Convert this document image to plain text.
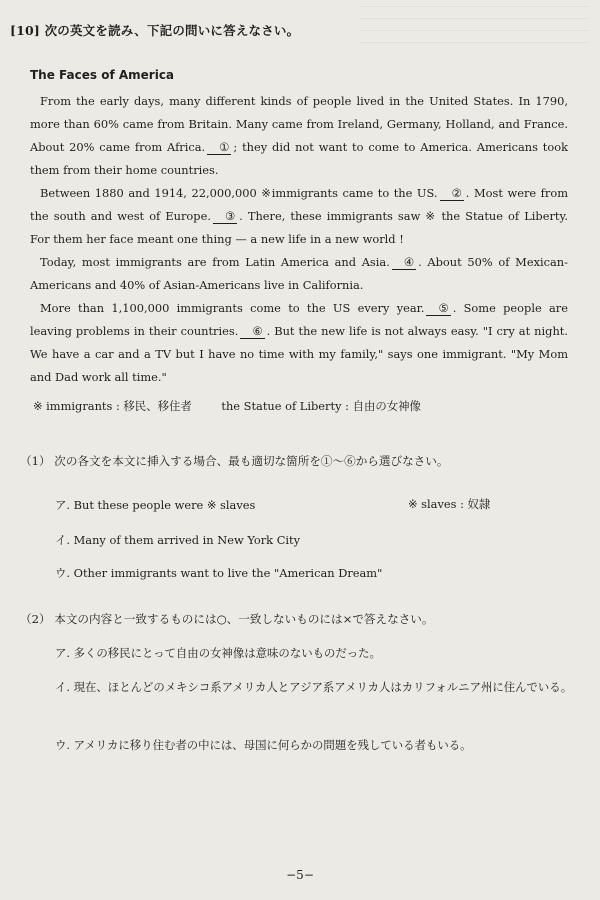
[10] 次の英文を読み、下記の問いに答えなさい。
The Faces of America

From the early days, many different kinds of people lived in the United States. In 1790, more than 60% came from Britain. Many came from Ireland, Germany, Holland, and France. About 20% came from Africa. ① ; they did not want to come to America. Americans took them from their home countries.

Between 1880 and 1914, 22,000,000 ※immigrants came to the US. ② . Most were from the south and west of Europe. ③ . There, these immigrants saw ※ the Statue of Liberty. For them her face meant one thing — a new life in a new world !

Today, most immigrants are from Latin America and Asia. ④ . About 50% of Mexican-Americans and 40% of Asian-Americans live in California.

More than 1,100,000 immigrants come to the US every year. ⑤ . Some people are leaving problems in their countries. ⑥ . But the new life is not always easy. "I cry at night. We have a car and a TV but I have no time with my family," says one immigrant. "My Mom and Dad work all time."

※ immigrants : 移民、移住者	the Statue of Liberty : 自由の女神像
（1） 次の各文を本文に挿入する場合、最も適切な箇所を①～⑥から選びなさい。
ア. But these people were ※ slaves	※ slaves : 奴隷
イ. Many of them arrived in New York City
ウ. Other immigrants want to live the "American Dream"
（2） 本文の内容と一致するものには○、一致しないものには×で答えなさい。
ア. 多くの移民にとって自由の女神像は意味のないものだった。
イ. 現在、ほとんどのメキシコ系アメリカ人とアジア系アメリカ人はカリフォルニア州に住んでいる。
ウ. アメリカに移り住む者の中には、母国に何らかの問題を残している者もいる。
−5−
